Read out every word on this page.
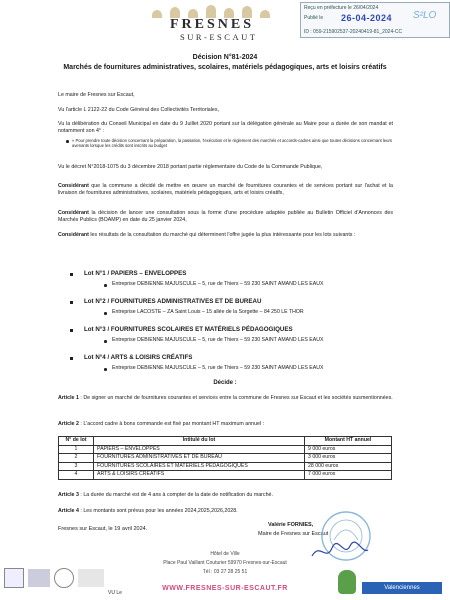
FRESNES
SUR-ESCAUT
Reçu en préfecture le 26/04/2024
Publié le 26-04-2024 S²LO
ID : 059-215902537-20240419-81_2024-CC
Décision N°81-2024
Marchés de fournitures administratives, scolaires, matériels pédagogiques, arts et loisirs créatifs
Le maire de Fresnes sur Escaut,
Vu l'article L 2122-22 du Code Général des Collectivités Territoriales,
Vu la délibération du Conseil Municipal en date du 9 Juillet 2020 portant sur la délégation générale au Maire pour a durée de son mandat et notamment son 4° :
« Pour prendre toute décision concernant la préparation, la passation, l'exécution et le règlement des marchés et accords-cadres ainsi que toutes décisions concernant leurs avenants lorsque les crédits sont inscrits au budget
Vu le décret N°2018-1075 du 3 décembre 2018 portant partie réglementaire du Code de la Commande Publique,
Considérant que la commune a décidé de mettre en œuvre un marché de fournitures courantes et de services portant sur l'achat et la livraison de fournitures administratives, scolaires, matériels pédagogiques, arts et loisirs créatifs,
Considérant la décision de lancer une consultation sous la forme d'une procédure adaptée publiée au Bulletin Officiel d'Annonces des Marchés Publics (BOAMP) en date du 25 janvier 2024,
Considérant les résultats de la consultation du marché qui déterminent l'offre jugée la plus intéressante pour les lots suivants :
Lot N°1 / PAPIERS – ENVELOPPES
Entreprise DEBIENNE MAJUSCULE – 5, rue de Thiers – 59 230 SAINT AMAND LES EAUX
Lot N°2 / FOURNITURES ADMINISTRATIVES ET DE BUREAU
Entreprise LACOSTE – ZA Saint Louis – 15 allée de la Sorgette – 84 250 LE THOR
Lot N°3 / FOURNITURES SCOLAIRES ET MATÉRIELS PÉDAGOGIQUES
Entreprise DEBIENNE MAJUSCULE – 5, rue de Thiers – 59 230 SAINT AMAND LES EAUX
Lot N°4 / ARTS & LOISIRS CRÉATIFS
Entreprise DEBIENNE MAJUSCULE – 5, rue de Thiers – 59 230 SAINT AMAND LES EAUX
Décide :
Article 1 : De signer un marché de fournitures courantes et services entre la commune de Fresnes sur Escaut et les sociétés susmentionnées.
Article 2 : L'accord cadre à bons commande est fixé par montant HT maximum annuel :
N° de lot	Intitulé du lot	Montant HT annuel
1	PAPIERS – ENVELOPPES	9 000 euros
2	FOURNITURES ADMINISTRATIVES ET DE BUREAU	3 000 euros
3	FOURNITURES SCOLAIRES ET MATÉRIELS PÉDAGOGIQUES	28 000 euros
4	ARTS & LOISIRS CRÉATIFS	7 000 euros
Article 3 : La durée du marché est de 4 ans à compter de la date de notification du marché.
Article 4 : Les montants sont prévus pour les années 2024,2025,2026,2028.
Fresnes sur Escaut, le 19 avril 2024.
Valérie FORNIES,
Maire de Fresnes sur Escaut
Hôtel de Ville
Place Paul Vaillant Couturier 59970 Fresnes-sur-Escaut
Tél : 03 27 28 25 51
WWW.FRESNES-SUR-ESCAUT.FR
VU Le
Valenciennes
